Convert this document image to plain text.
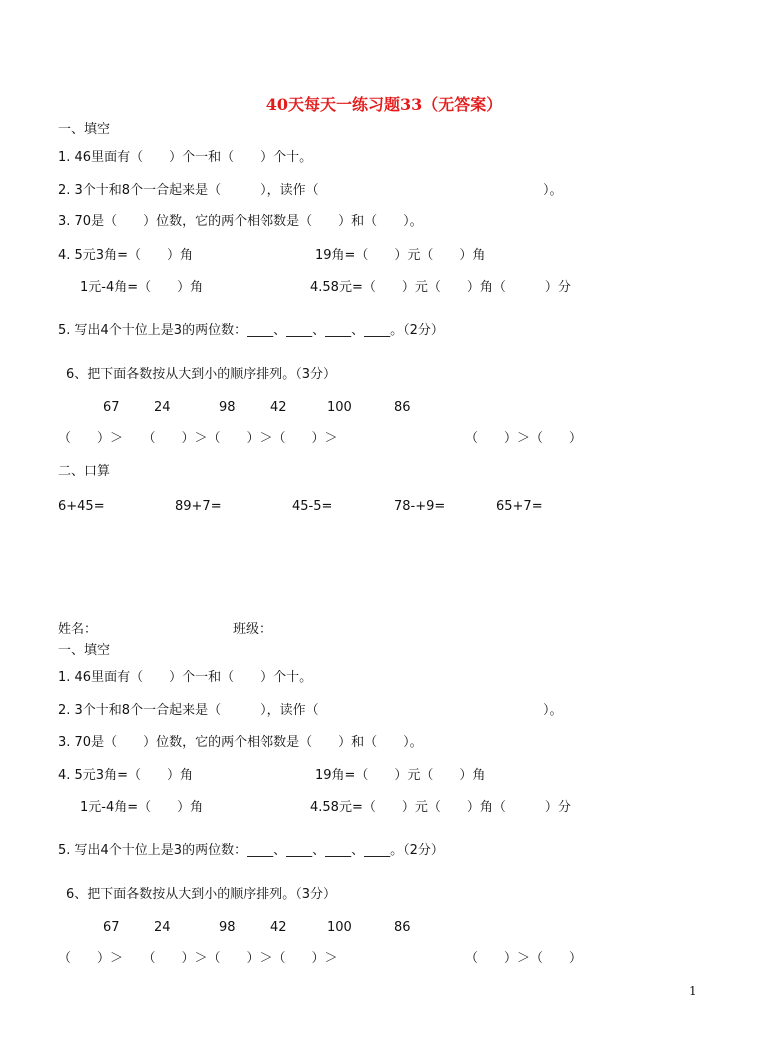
40天每天一练习题33（无答案）
一、填空
1. 46里面有（　　）个一和（　　）个十。
2. 3个十和8个一合起来是（　　　），读作（	）。
3. 70是（　　）位数，它的两个相邻数是（　　）和（　　）。
4. 5元3角=（　　）角	19角=（　　）元（　　）角
1元-4角=（　　）角	4.58元=（　　）元（　　）角（　　　）分
5. 写出4个十位上是3的两位数：____、____、____、____。（2分）
6、把下面各数按从大到小的顺序排列。（3分）
67	24	98	42	100	86
（　　）＞　　（　　）＞（　　）＞（　　）＞	（　　）＞（　　）
二、口算
6+45=	89+7=	45-5=	78-+9=	65+7=
姓名：	班级：
一、填空
1. 46里面有（　　）个一和（　　）个十。
2. 3个十和8个一合起来是（　　　），读作（	）。
3. 70是（　　）位数，它的两个相邻数是（　　）和（　　）。
4. 5元3角=（　　）角	19角=（　　）元（　　）角
1元-4角=（　　）角	4.58元=（　　）元（　　）角（　　　）分
5. 写出4个十位上是3的两位数：____、____、____、____。（2分）
6、把下面各数按从大到小的顺序排列。（3分）
67	24	98	42	100	86
（　　）＞　　（　　）＞（　　）＞（　　）＞	（　　）＞（　　）
1
